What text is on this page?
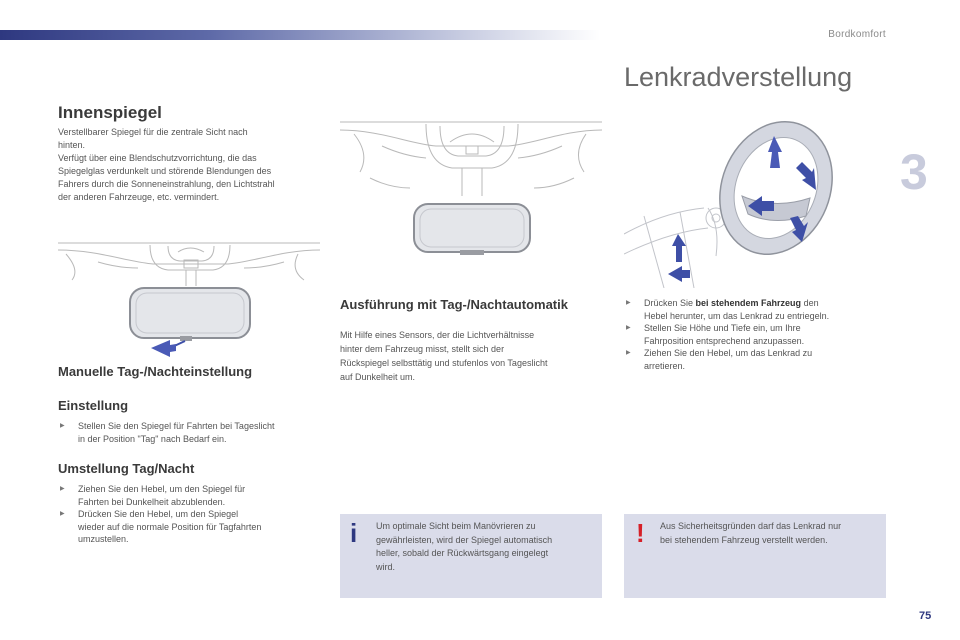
Bordkomfort
3
Innenspiegel

Verstellbarer Spiegel für die zentrale Sicht nach

hinten.

Verfügt über eine Blendschutzvorrichtung, die das

Spiegelglas verdunkelt und störende Blendungen des

Fahrers durch die Sonneneinstrahlung, den Lichtstrahl

der anderen Fahrzeuge, etc. vermindert.

Manuelle Tag-/Nachteinstellung
Einstellung
▶ Stellen Sie den Spiegel für Fahrten bei Tageslicht
in der Position "Tag" nach Bedarf ein.
Umstellung Tag/Nacht
▶ Ziehen Sie den Hebel, um den Spiegel für
Fahrten bei Dunkelheit abzublenden.
▶ Drücken Sie den Hebel, um den Spiegel
wieder auf die normale Position für Tagfahrten
umzustellen.
Ausführung mit Tag-/Nachtautomatik

Mit Hilfe eines Sensors, der die Lichtverhältnisse

hinter dem Fahrzeug misst, stellt sich der

Rückspiegel selbsttätig und stufenlos von Tageslicht

auf Dunkelheit um.

i Um optimale Sicht beim Manövrieren zu
gewährleisten, wird der Spiegel automatisch
heller, sobald der Rückwärtsgang eingelegt
wird.
Lenkradverstellung
▶ Drücken Sie bei stehendem Fahrzeug den
Hebel herunter, um das Lenkrad zu entriegeln.
▶ Stellen Sie Höhe und Tiefe ein, um Ihre
Fahrposition entsprechend anzupassen.
▶ Ziehen Sie den Hebel, um das Lenkrad zu
arretieren.
! Aus Sicherheitsgründen darf das Lenkrad nur
bei stehendem Fahrzeug verstellt werden.
75
